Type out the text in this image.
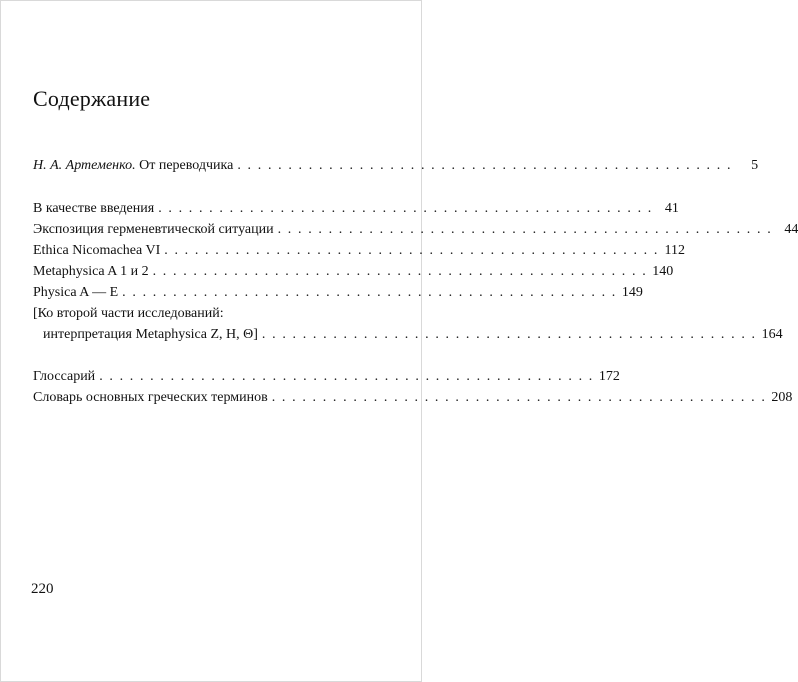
Содержание
Н. А. Артеменко. От переводчика . . . . . . . . . . . . . . . . . . . . . . . . . . . . . . . . . . . . . . . . . . . . . . . . .	5
В качестве введения . . . . . . . . . . . . . . . . . . . . . . . . . . . . . . . . . . . . . . . . . . . . . . . . . 41
Экспозиция герменевтической ситуации . . . . . . . . . . . . . . . . . . . . . . . . . . . . . . . . . . . . . . . . . . . . . . . . . 44
Ethica Nicomachea VI . . . . . . . . . . . . . . . . . . . . . . . . . . . . . . . . . . . . . . . . . . . . . . . . . 112
Metaphysica A 1 и 2 . . . . . . . . . . . . . . . . . . . . . . . . . . . . . . . . . . . . . . . . . . . . . . . . . 140
Physica A — E . . . . . . . . . . . . . . . . . . . . . . . . . . . . . . . . . . . . . . . . . . . . . . . . . 149
[Ко второй части исследований:
интерпретация Metaphysica Z, H, Θ] . . . . . . . . . . . . . . . . . . . . . . . . . . . . . . . . . . . . . . . . . . . . . . . . . 164
Глоссарий . . . . . . . . . . . . . . . . . . . . . . . . . . . . . . . . . . . . . . . . . . . . . . . . . 172
Словарь основных греческих терминов . . . . . . . . . . . . . . . . . . . . . . . . . . . . . . . . . . . . . . . . . . . . . . . . . 208
220
